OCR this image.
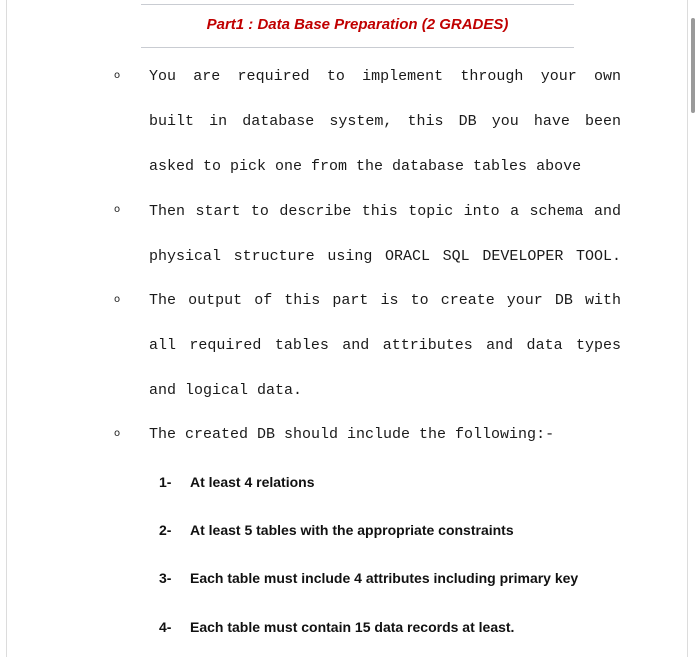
Part1 : Data Base Preparation (2 GRADES)
o You are required to implement through your own
built in database system, this DB you have been
asked to pick one from the database tables above
o Then start to describe this topic into a schema and
physical structure using ORACL SQL DEVELOPER TOOL.
o The output of this part is to create your DB with
all required tables and attributes and data types
and logical data.
o The created DB should include the following:-
1- At least 4 relations
2- At least 5 tables with the appropriate constraints
3- Each table must include 4 attributes including primary key
4- Each table must contain 15 data records at least.
